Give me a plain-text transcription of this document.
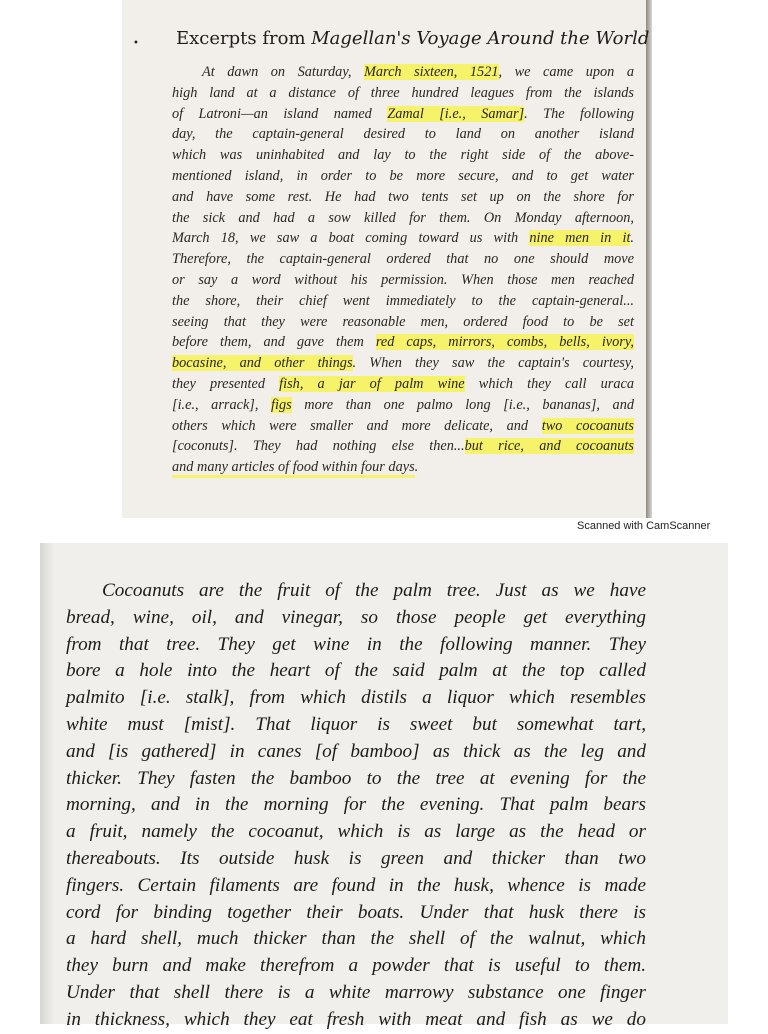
• Excerpts from Magellan's Voyage Around the World
At dawn on Saturday, March sixteen, 1521, we came upon a
high land at a distance of three hundred leagues from the islands
of Latroni—an island named Zamal [i.e., Samar]. The following
day, the captain-general desired to land on another island
which was uninhabited and lay to the right side of the above-
mentioned island, in order to be more secure, and to get water
and have some rest. He had two tents set up on the shore for
the sick and had a sow killed for them. On Monday afternoon,
March 18, we saw a boat coming toward us with nine men in it.
Therefore, the captain-general ordered that no one should move
or say a word without his permission. When those men reached
the shore, their chief went immediately to the captain-general...
seeing that they were reasonable men, ordered food to be set
before them, and gave them red caps, mirrors, combs, bells, ivory,
bocasine, and other things. When they saw the captain's courtesy,
they presented fish, a jar of palm wine which they call uraca
[i.e., arrack], figs more than one palmo long [i.e., bananas], and
others which were smaller and more delicate, and two cocoanuts
[coconuts]. They had nothing else then...but rice, and cocoanuts
and many articles of food within four days.
Scanned with CamScanner
Cocoanuts are the fruit of the palm tree. Just as we have
bread, wine, oil, and vinegar, so those people get everything
from that tree. They get wine in the following manner. They
bore a hole into the heart of the said palm at the top called
palmito [i.e. stalk], from which distils a liquor which resembles
white must [mist]. That liquor is sweet but somewhat tart,
and [is gathered] in canes [of bamboo] as thick as the leg and
thicker. They fasten the bamboo to the tree at evening for the
morning, and in the morning for the evening. That palm bears
a fruit, namely the cocoanut, which is as large as the head or
thereabouts. Its outside husk is green and thicker than two
fingers. Certain filaments are found in the husk, whence is made
cord for binding together their boats. Under that husk there is
a hard shell, much thicker than the shell of the walnut, which
they burn and make therefrom a powder that is useful to them.
Under that shell there is a white marrowy substance one finger
in thickness, which they eat fresh with meat and fish as we do
